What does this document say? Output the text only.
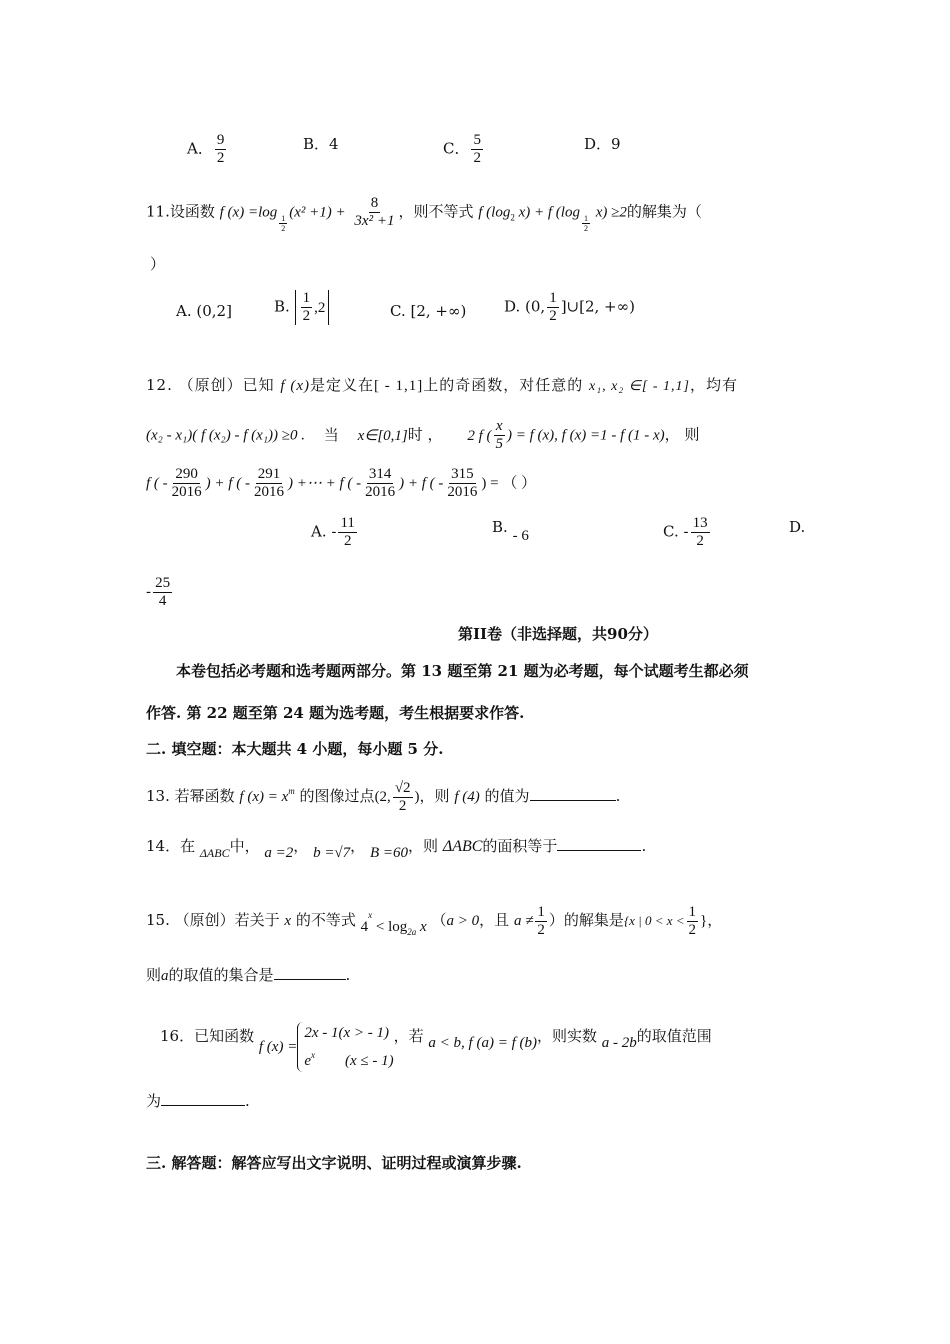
A． $\frac{9}{2}$	B．4	C． $\frac{5}{2}$	D．9
11.设函数 f (x) =log
$\frac{1}{2}$
$(x^2 +1) + \frac{8}{\text{3x² +1}}$ ，则不等式 f ($\log_2$ x) + f (log
$\frac{1}{2}$
x) ≥2的解集为（
）
A. (0,2]	B. $\frac{1}{2} ,2$	C. [2, +∞)	D. (0, $\frac{1}{2}$ ]∪[2, +∞)
12. （原创）已知 f (x)是定义在[ - 1,1]上的奇函数，对任意的 x₁, x₂ ∈[ - 1,1]，均有
(x₂ - x₁)( f (x₂) - f (x₁)) ≥0 . 当 x∈[0,1]时 ， 2 f ( $\frac{x}{5}$ ) = f (x), f (x) =1 - f (1 - x)， 则
f ( - $\frac{290}{2016}$ ) + f ( - $\frac{291}{2016}$ ) +⋯ + f ( - $\frac{314}{2016}$ ) + f ( - $\frac{315}{2016}$ ) = （ ）
A. - $\frac{11}{2}$	B. - 6	C. - $\frac{13}{2}$	D.
- $\frac{25}{4}$
第II卷（非选择题，共90分）
本卷包括必考题和选考题两部分。第 13 题至第 21 题为必考题，每个试题考生都必须
作答. 第 22 题至第 24 题为选考题，考生根据要求作答.
二. 填空题：本大题共 4 小题，每小题 5 分.
13. 若幂函数 f $(x) = x^m$ 的图像过点(2, $\frac{√2}{2}$ )，则 f (4) 的值为	.
14．在 $_{\Delta ABC}$中， a =2， b =√7， B =60，则 ΔABC的面积等于	.
15. （原创）若关于 x 的不等式 $4^x < \log_{2a} x$ （a > 0，且 $a \ne \frac{1}{2}$ ）的解集是{x | $0 < x < \frac{1}{2}$ }，
则a的取值的集合是	.
16．已知函数 f (x) =
2x - 1(x > - 1)
$e^x$ (x ≤ - 1)
，若 a < b, f (a) = f (b)，则实数 a - 2b的取值范围
为	.
三. 解答题：解答应写出文字说明、证明过程或演算步骤.
